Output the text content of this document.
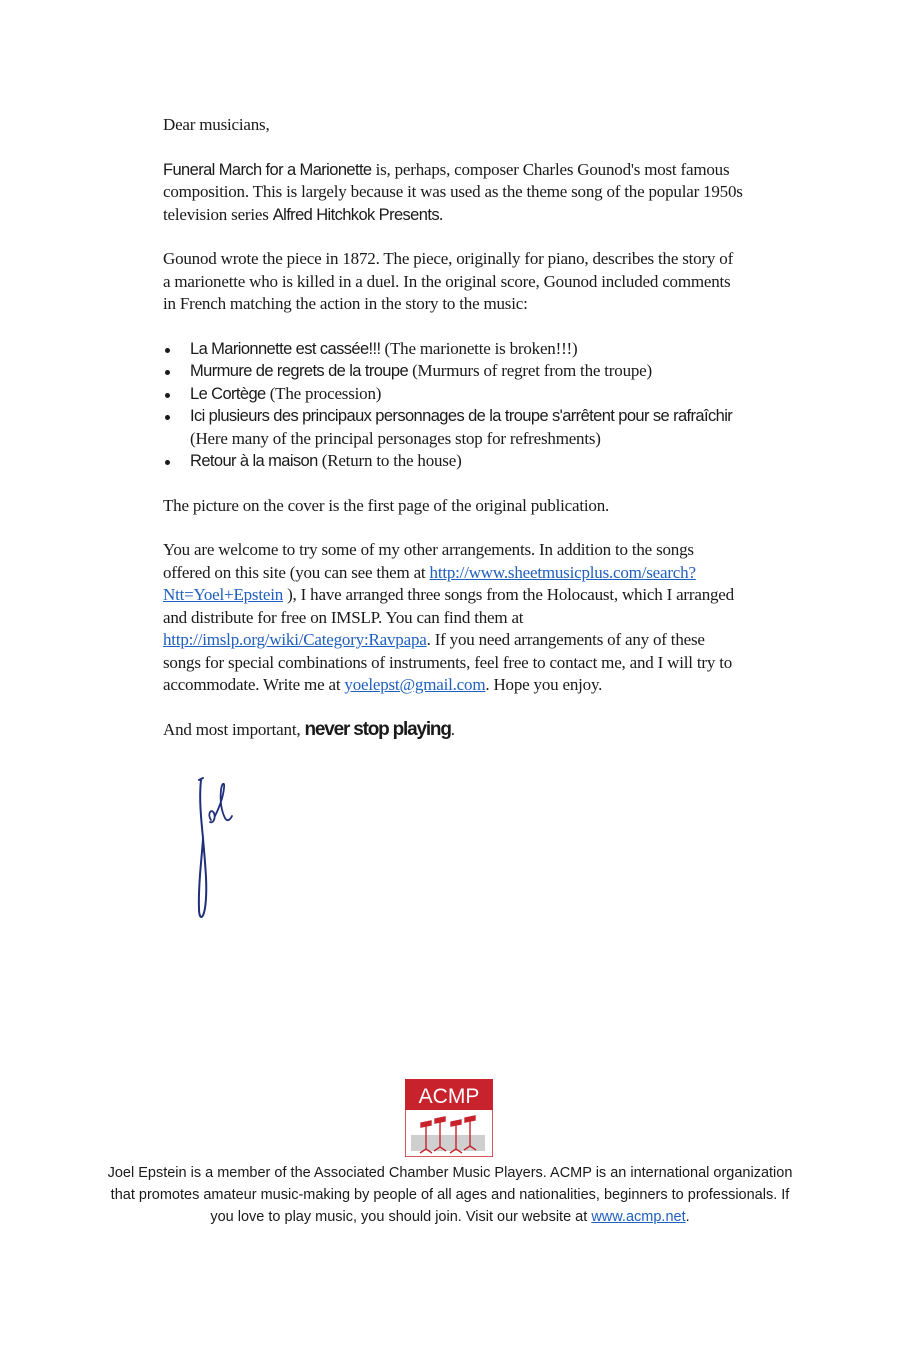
Dear musicians,

Funeral March for a Marionette is, perhaps, composer Charles Gounod's most famous composition. This is largely because it was used as the theme song of the popular 1950s television series Alfred Hitchkok Presents.

Gounod wrote the piece in 1872. The piece, originally for piano, describes the story of a marionette who is killed in a duel. In the original score, Gounod included comments in French matching the action in the story to the music:

La Marionnette est cassée!!! (The marionette is broken!!!)
Murmure de regrets de la troupe (Murmurs of regret from the troupe)
Le Cortège (The procession)
Ici plusieurs des principaux personnages de la troupe s'arrêtent pour se rafraîchir (Here many of the principal personages stop for refreshments)
Retour à la maison (Return to the house)

The picture on the cover is the first page of the original publication.

You are welcome to try some of my other arrangements. In addition to the songs offered on this site (you can see them at http://www.sheetmusicplus.com/search?Ntt=Yoel+Epstein ), I have arranged three songs from the Holocaust, which I arranged and distribute for free on IMSLP. You can find them at http://imslp.org/wiki/Category:Ravpapa. If you need arrangements of any of these songs for special combinations of instruments, feel free to contact me, and I will try to accommodate. Write me at yoelepst@gmail.com. Hope you enjoy.

And most important, never stop playing.

ACMP

Joel Epstein is a member of the Associated Chamber Music Players. ACMP is an international organization that promotes amateur music-making by people of all ages and nationalities, beginners to professionals. If you love to play music, you should join. Visit our website at www.acmp.net.
